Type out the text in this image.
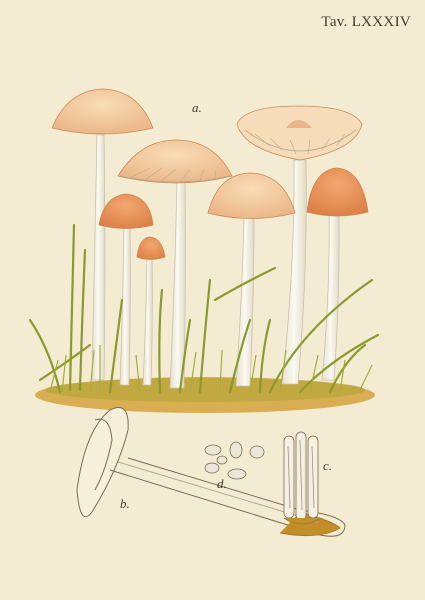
Tav. LXXXIV
a.
b.
c.
d.
